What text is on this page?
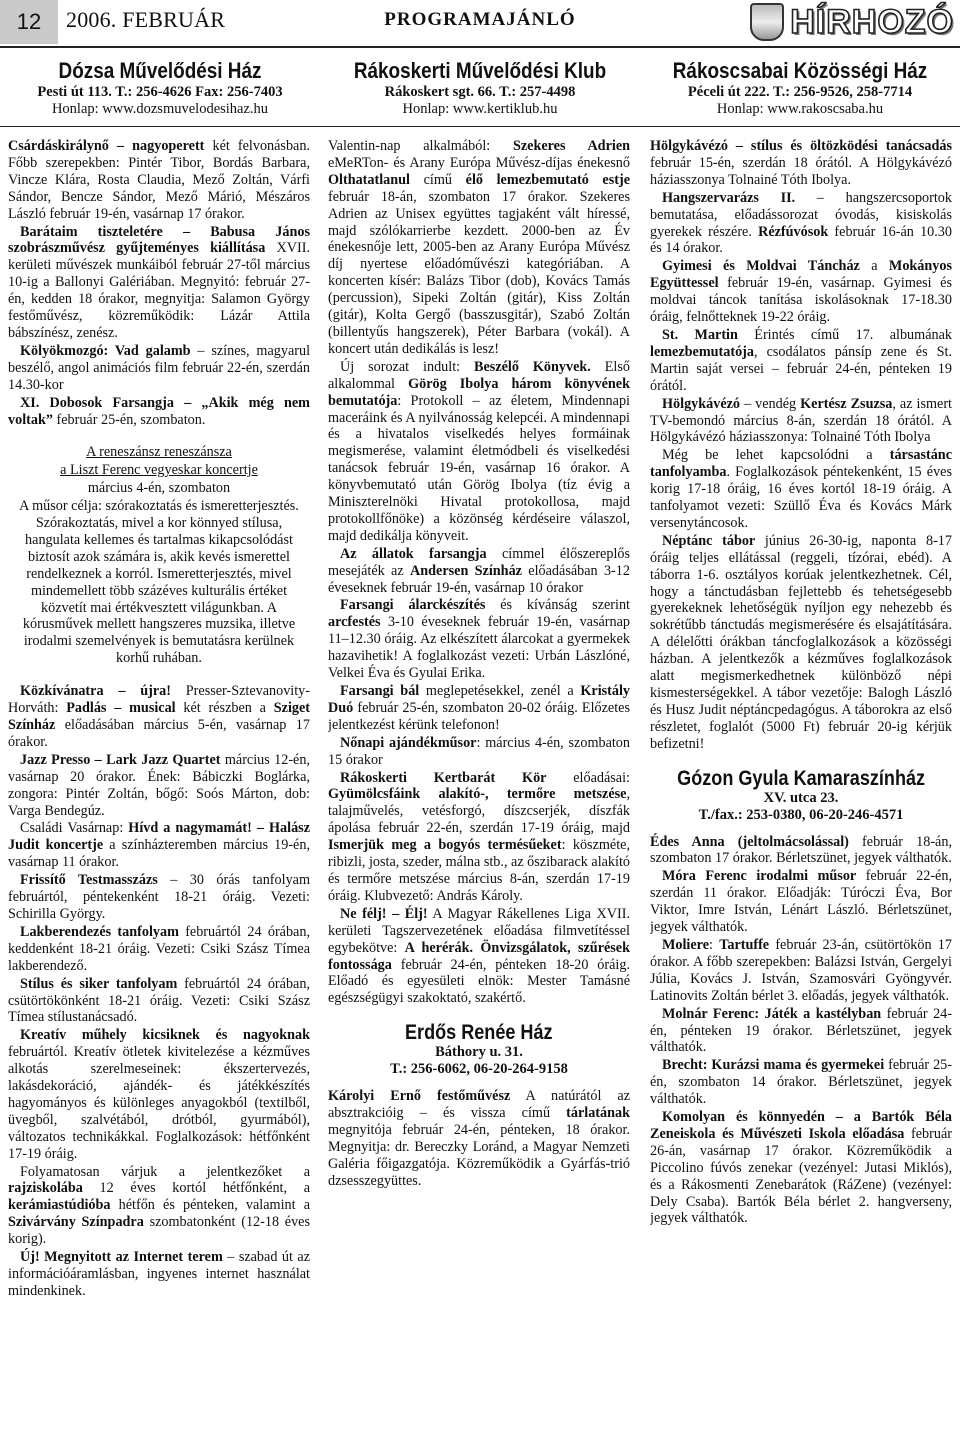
12	2006. FEBRUÁR	PROGRAMAJÁNLÓ	HÍRHOZÓ
Dózsa Művelődési Ház
Pesti út 113. T.: 256-4626 Fax: 256-7403
Honlap: www.dozsmuvelodesihaz.hu
Rákoskerti Művelődési Klub
Rákoskert sgt. 66. T.: 257-4498
Honlap: www.kertiklub.hu
Rákoscsabai Közösségi Ház
Péceli út 222. T.: 256-9526, 258-7714
Honlap: www.rakoscsaba.hu

Csárdáskirálynő – nagyoperett két felvonásban. Főbb szerepekben: Pintér Tibor, Bordás Barbara, Vincze Klára, Rosta Claudia, Mező Zoltán, Várfi Sándor, Bencze Sándor, Mező Márió, Mészáros László február 19-én, vasárnap 17 órakor.

Barátaim tiszteletére – Babusa János szobrászművész gyűjteményes kiállítása XVII. kerületi művészek munkáiból február 27-től március 10-ig a Ballonyi Galériában. Megnyitó: február 27-én, kedden 18 órakor, megnyitja: Salamon György festőművész, közreműködik: Lázár Attila bábszínész, zenész.

Kölyökmozgó: Vad galamb – színes, magyarul beszélő, angol animációs film február 22-én, szerdán 14.30-kor

XI. Dobosok Farsangja – „Akik még nem voltak” február 25-én, szombaton.

A reneszánsz reneszánsza

a Liszt Ferenc vegyeskar koncertje

március 4-én, szombaton

A műsor célja: szórakoztatás és ismeretterjesztés. Szórakoztatás, mivel a kor könnyed stílusa, hangulata kellemes és tartalmas kikapcsolódást biztosít azok számára is, akik kevés ismerettel rendelkeznek a korról. Ismeretterjesztés, mivel mindemellett több százéves kulturális értéket közvetít mai értékvesztett világunkban. A kórusművek mellett hangszeres muzsika, illetve irodalmi szemelvények is bemutatásra kerülnek korhű ruhában.

Közkívánatra – újra! Presser-Sztevanovity-Horváth: Padlás – musical két részben a Sziget Színház előadásában március 5-én, vasárnap 17 órakor.

Jazz Presso – Lark Jazz Quartet március 12-én, vasárnap 20 órakor. Ének: Bábiczki Boglárka, zongora: Pintér Zoltán, bőgő: Soós Márton, dob: Varga Bendegúz.

Családi Vasárnap: Hívd a nagymamát! – Halász Judit koncertje a színházteremben március 19-én, vasárnap 11 órakor.

Frissítő Testmasszázs – 30 órás tanfolyam februártól, péntekenként 18-21 óráig. Vezeti: Schirilla György.

Lakberendezés tanfolyam februártól 24 órában, keddenként 18-21 óráig. Vezeti: Csiki Szász Tímea lakberendező.

Stílus és siker tanfolyam februártól 24 órában, csütörtökönként 18-21 óráig. Vezeti: Csiki Szász Tímea stílustanácsadó.

Kreatív műhely kicsiknek és nagyoknak februártól. Kreatív ötletek kivitelezése a kézműves alkotás szerelmeseinek: ékszertervezés, lakásdekoráció, ajándék- és játékkészítés hagyományos és különleges anyagokból (textilből, üvegből, szalvétából, drótból, gyurmából), változatos technikákkal. Foglalkozások: hétfőnként 17-19 óráig.

Folyamatosan várjuk a jelentkezőket a rajziskolába 12 éves kortól hétfőnként, a kerámiastúdióba hétfőn és pénteken, valamint a Szivárvány Színpadra szombatonként (12-18 éves korig).

Új! Megnyitott az Internet terem – szabad út az információáramlásban, ingyenes internet használat mindenkinek.

Valentin-nap alkalmából: Szekeres Adrien eMeRTon- és Arany Európa Művész-díjas énekesnő Olthatatlanul című élő lemezbemutató estje február 18-án, szombaton 17 órakor. Szekeres Adrien az Unisex együttes tagjaként vált híressé, majd szólókarrierbe kezdett. 2000-ben az Év énekesnője lett, 2005-ben az Arany Európa Művész díj nyertese előadóművészi kategóriában. A koncerten kísér: Balázs Tibor (dob), Kovács Tamás (percussion), Sipeki Zoltán (gitár), Kiss Zoltán (gitár), Kolta Gergő (basszusgitár), Szabó Zoltán (billentyűs hangszerek), Péter Barbara (vokál). A koncert után dedikálás is lesz!

Új sorozat indult: Beszélő Könyvek. Első alkalommal Görög Ibolya három könyvének bemutatója: Protokoll – az életem, Mindennapi maceráink és A nyilvánosság kelepcéi. A mindennapi és a hivatalos viselkedés helyes formáinak megismerése, valamint életmódbeli és viselkedési tanácsok február 19-én, vasárnap 16 órakor. A könyvbemutató után Görög Ibolya (tíz évig a Miniszterelnöki Hivatal protokollosa, majd protokollfőnöke) a közönség kérdéseire válaszol, majd dedikálja könyveit.

Az állatok farsangja címmel élőszereplős mesejáték az Andersen Színház előadásában 3-12 éveseknek február 19-én, vasárnap 10 órakor

Farsangi álarckészítés és kívánság szerint arcfestés 3-10 éveseknek február 19-én, vasárnap 11–12.30 óráig. Az elkészített álarcokat a gyermekek hazavihetik! A foglalkozást vezeti: Urbán Lászlóné, Velkei Éva és Gyulai Erika.

Farsangi bál meglepetésekkel, zenél a Kristály Duó február 25-én, szombaton 20-02 óráig. Előzetes jelentkezést kérünk telefonon!

Nőnapi ajándékműsor: március 4-én, szombaton 15 órakor

Rákoskerti Kertbarát Kör előadásai: Gyümölcsfáink alakító-, termőre metszése, talajművelés, vetésforgó, díszcserjék, díszfák ápolása február 22-én, szerdán 17-19 óráig, majd Ismerjük meg a bogyós termésűeket: köszméte, ribizli, josta, szeder, málna stb., az őszibarack alakító és termőre metszése március 8-án, szerdán 17-19 óráig. Klubvezető: András Károly.

Ne félj! – Élj! A Magyar Rákellenes Liga XVII. kerületi Tagszervezetének előadása filmvetítéssel egybekötve: A herérák. Önvizsgálatok, szűrések fontossága február 24-én, pénteken 18-20 óráig. Előadó és egyesületi elnök: Mester Tamásné egészségügyi szakoktató, szakértő.

Erdős Renée Ház
Báthory u. 31.
T.: 256-6062, 06-20-264-9158

Károlyi Ernő festőművész A natúrától az absztrakcióig – és vissza című tárlatának megnyitója február 24-én, pénteken, 18 órakor. Megnyitja: dr. Bereczky Loránd, a Magyar Nemzeti Galéria főigazgatója. Közreműködik a Gyárfás-trió dzsesszegyüttes.

Hölgykávézó – stílus és öltözködési tanácsadás február 15-én, szerdán 18 órától. A Hölgykávézó háziasszonya Tolnainé Tóth Ibolya.

Hangszervarázs II. – hangszercsoportok bemutatása, előadássorozat óvodás, kisiskolás gyerekek részére. Rézfúvósok február 16-án 10.30 és 14 órakor.

Gyimesi és Moldvai Táncház a Mokányos Együttessel február 19-én, vasárnap. Gyimesi és moldvai táncok tanítása iskolásoknak 17-18.30 óráig, felnőtteknek 19-22 óráig.

St. Martin Érintés című 17. albumának lemezbemutatója, csodálatos pánsíp zene és St. Martin saját versei – február 24-én, pénteken 19 órától.

Hölgykávézó – vendég Kertész Zsuzsa, az ismert TV-bemondó március 8-án, szerdán 18 órától. A Hölgykávézó háziasszonya: Tolnainé Tóth Ibolya

Még be lehet kapcsolódni a társastánc tanfolyamba. Foglalkozások péntekenként, 15 éves korig 17-18 óráig, 16 éves kortól 18-19 óráig. A tanfolyamot vezeti: Szüllő Éva és Kovács Márk versenytáncosok.

Néptánc tábor június 26-30-ig, naponta 8-17 óráig teljes ellátással (reggeli, tízórai, ebéd). A táborra 1-6. osztályos korúak jelentkezhetnek. Cél, hogy a tánctudásban fejlettebb és tehetségesebb gyerekeknek lehetőségük nyíljon egy nehezebb és sokrétűbb tánctudás megismerésére és elsajátítására. A délelőtti órákban táncfoglalkozások a közösségi házban. A jelentkezők a kézműves foglalkozások alatt megismerkedhetnek különböző népi kismesterségekkel. A tábor vezetője: Balogh László és Husz Judit néptáncpedagógus. A táborokra az első részletet, foglalót (5000 Ft) február 20-ig kérjük befizetni!

Gózon Gyula Kamaraszínház
XV. utca 23.
T./fax.: 253-0380, 06-20-246-4571

Édes Anna (jeltolmácsolással) február 18-án, szombaton 17 órakor. Bérletszünet, jegyek válthatók.

Móra Ferenc irodalmi műsor február 22-én, szerdán 11 órakor. Előadják: Túróczi Éva, Bor Viktor, Imre István, Lénárt László. Bérletszünet, jegyek válthatók.

Moliere: Tartuffe február 23-án, csütörtökön 17 órakor. A főbb szerepekben: Balázsi István, Gergelyi Júlia, Kovács J. István, Szamosvári Gyöngyvér. Latinovits Zoltán bérlet 3. előadás, jegyek válthatók.

Molnár Ferenc: Játék a kastélyban február 24-én, pénteken 19 órakor. Bérletszünet, jegyek válthatók.

Brecht: Kurázsi mama és gyermekei február 25-én, szombaton 14 órakor. Bérletszünet, jegyek válthatók.

Komolyan és könnyedén – a Bartók Béla Zeneiskola és Művészeti Iskola előadása február 26-án, vasárnap 17 órakor. Közreműködik a Piccolino fúvós zenekar (vezényel: Jutasi Miklós), és a Rákosmenti Zenebarátok (RáZene) (vezényel: Dely Csaba). Bartók Béla bérlet 2. hangverseny, jegyek válthatók.
